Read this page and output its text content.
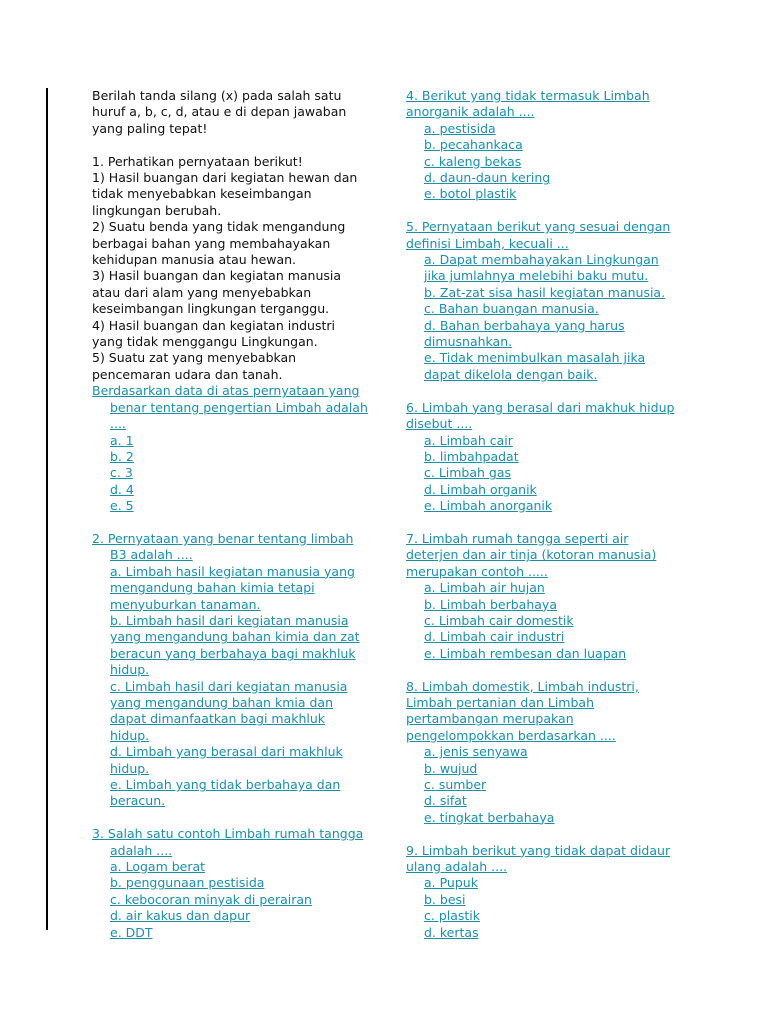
Berilah tanda silang (x) pada salah satu huruf a, b, c, d, atau e di depan jawaban yang paling tepat!

1. Perhatikan pernyataan berikut!

1) Hasil buangan dari kegiatan hewan dan tidak menyebabkan keseimbangan lingkungan berubah.

2) Suatu benda yang tidak mengandung berbagai bahan yang membahayakan kehidupan manusia atau hewan.

3) Hasil buangan dan kegiatan manusia atau dari alam yang menyebabkan keseimbangan lingkungan terganggu.

4) Hasil buangan dan kegiatan industri yang tidak menggangu Lingkungan.

5) Suatu zat yang menyebabkan pencemaran udara dan tanah.

Berdasarkan data di atas pernyataan yang benar tentang pengertian Limbah adalah ....

a. 1

b. 2

c. 3

d. 4

e. 5

2. Pernyataan yang benar tentang limbah B3 adalah ....

a. Limbah hasil kegiatan manusia yang mengandung bahan kimia tetapi menyuburkan tanaman.

b. Limbah hasil dari kegiatan manusia yang mengandung bahan kimia dan zat beracun yang berbahaya bagi makhluk hidup.

c. Limbah hasil dari kegiatan manusia yang mengandung bahan kmia dan dapat dimanfaatkan bagi makhluk hidup.

d. Limbah yang berasal dari makhluk hidup.

e. Limbah yang tidak berbahaya dan beracun.

3. Salah satu contoh Limbah rumah tangga adalah ....

a. Logam berat

b. penggunaan pestisida

c. kebocoran minyak di perairan

d. air kakus dan dapur

e. DDT

4. Berikut yang tidak termasuk Limbah anorganik adalah ....

a. pestisida

b. pecahankaca

c. kaleng bekas

d. daun-daun kering

e. botol plastik

5. Pernyataan berikut yang sesuai dengan definisi Limbah, kecuali ...

a. Dapat membahayakan Lingkungan jika jumlahnya melebihi baku mutu.

b. Zat-zat sisa hasil kegiatan manusia.

c. Bahan buangan manusia.

d. Bahan berbahaya yang harus dimusnahkan.

e. Tidak menimbulkan masalah jika dapat dikelola dengan baik.

6. Limbah yang berasal dari makhuk hidup disebut ....

a. Limbah cair

b. limbahpadat

c. Limbah gas

d. Limbah organik

e. Limbah anorganik

7. Limbah rumah tangga seperti air deterjen dan air tinja (kotoran manusia) merupakan contoh .....

a. Limbah air hujan

b. Limbah berbahaya

c. Limbah cair domestik

d. Limbah cair industri

e. Limbah rembesan dan luapan

8. Limbah domestik, Limbah industri, Limbah pertanian dan Limbah pertambangan merupakan pengelompokkan berdasarkan ....

a. jenis senyawa

b. wujud

c. sumber

d. sifat

e. tingkat berbahaya

9. Limbah berikut yang tidak dapat didaur ulang adalah ....

a. Pupuk

b. besi

c. plastik

d. kertas
